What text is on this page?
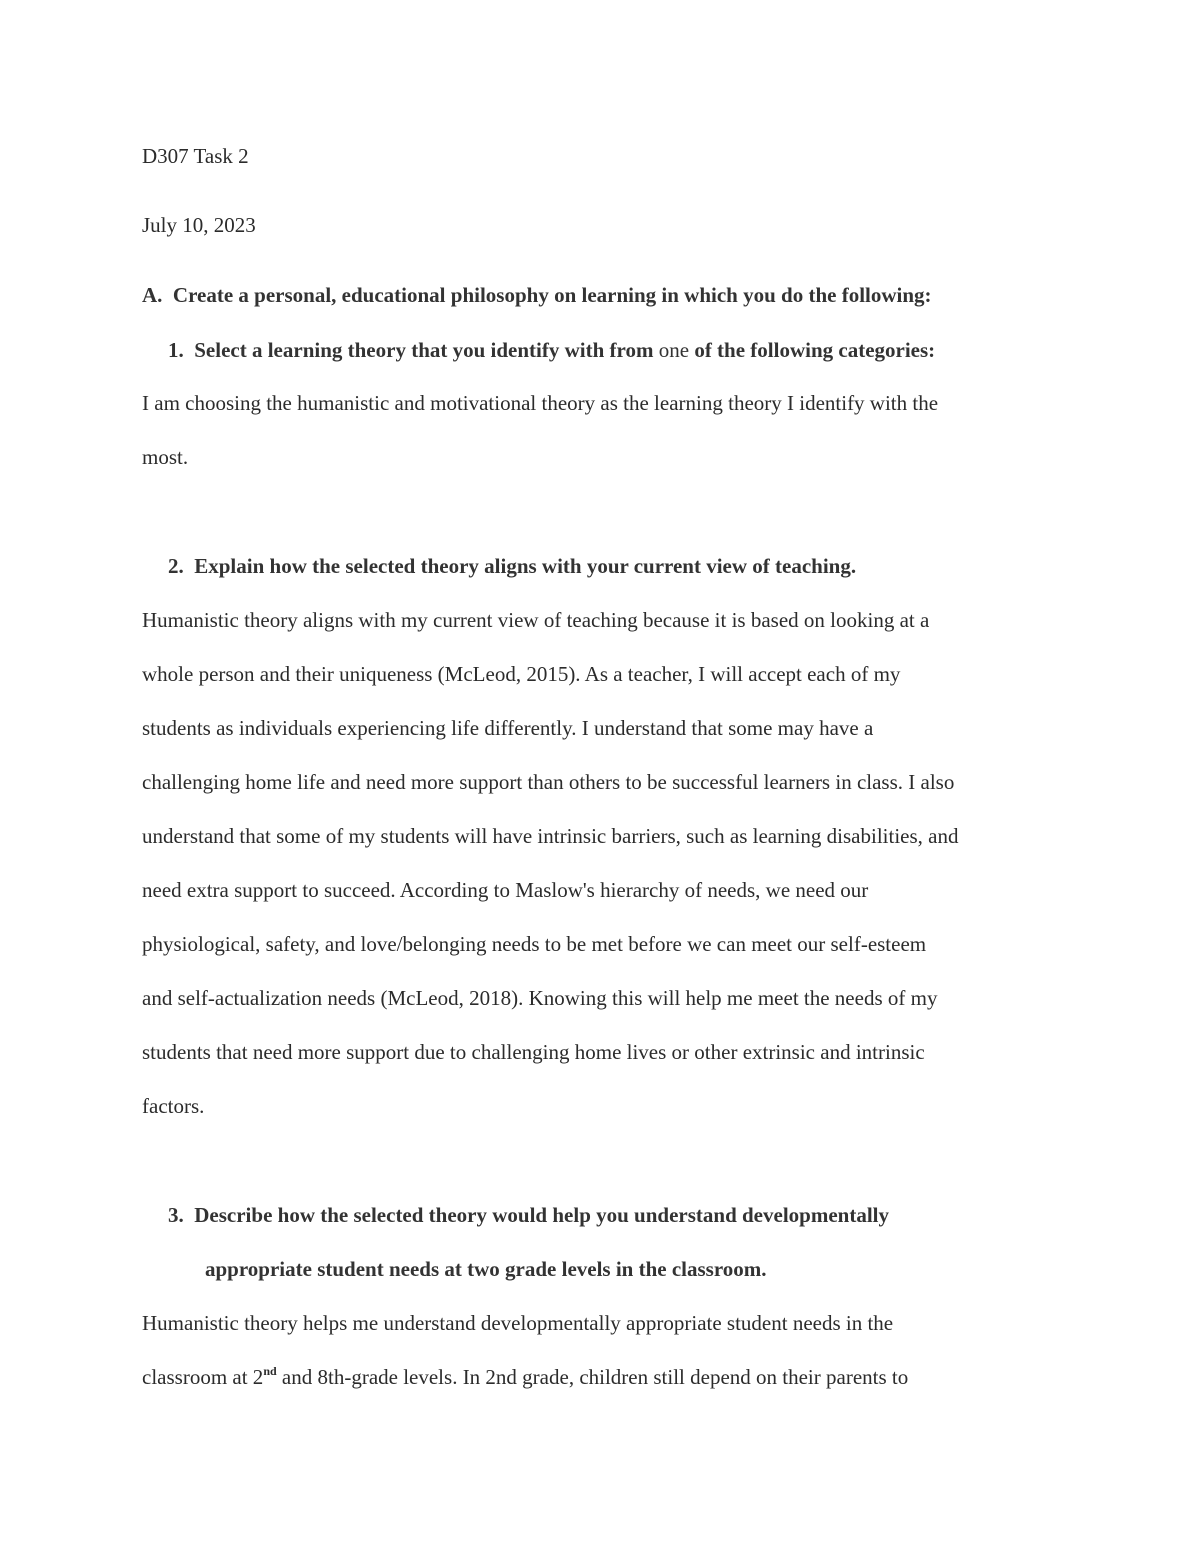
D307 Task 2
July 10, 2023
A. Create a personal, educational philosophy on learning in which you do the following:
1. Select a learning theory that you identify with from one of the following categories:
I am choosing the humanistic and motivational theory as the learning theory I identify with the
most.
2. Explain how the selected theory aligns with your current view of teaching.
Humanistic theory aligns with my current view of teaching because it is based on looking at a
whole person and their uniqueness (McLeod, 2015). As a teacher, I will accept each of my
students as individuals experiencing life differently. I understand that some may have a
challenging home life and need more support than others to be successful learners in class. I also
understand that some of my students will have intrinsic barriers, such as learning disabilities, and
need extra support to succeed. According to Maslow's hierarchy of needs, we need our
physiological, safety, and love/belonging needs to be met before we can meet our self-esteem
and self-actualization needs (McLeod, 2018). Knowing this will help me meet the needs of my
students that need more support due to challenging home lives or other extrinsic and intrinsic
factors.
3. Describe how the selected theory would help you understand developmentally
appropriate student needs at two grade levels in the classroom.
Humanistic theory helps me understand developmentally appropriate student needs in the
classroom at 2nd and 8th-grade levels. In 2nd grade, children still depend on their parents to
